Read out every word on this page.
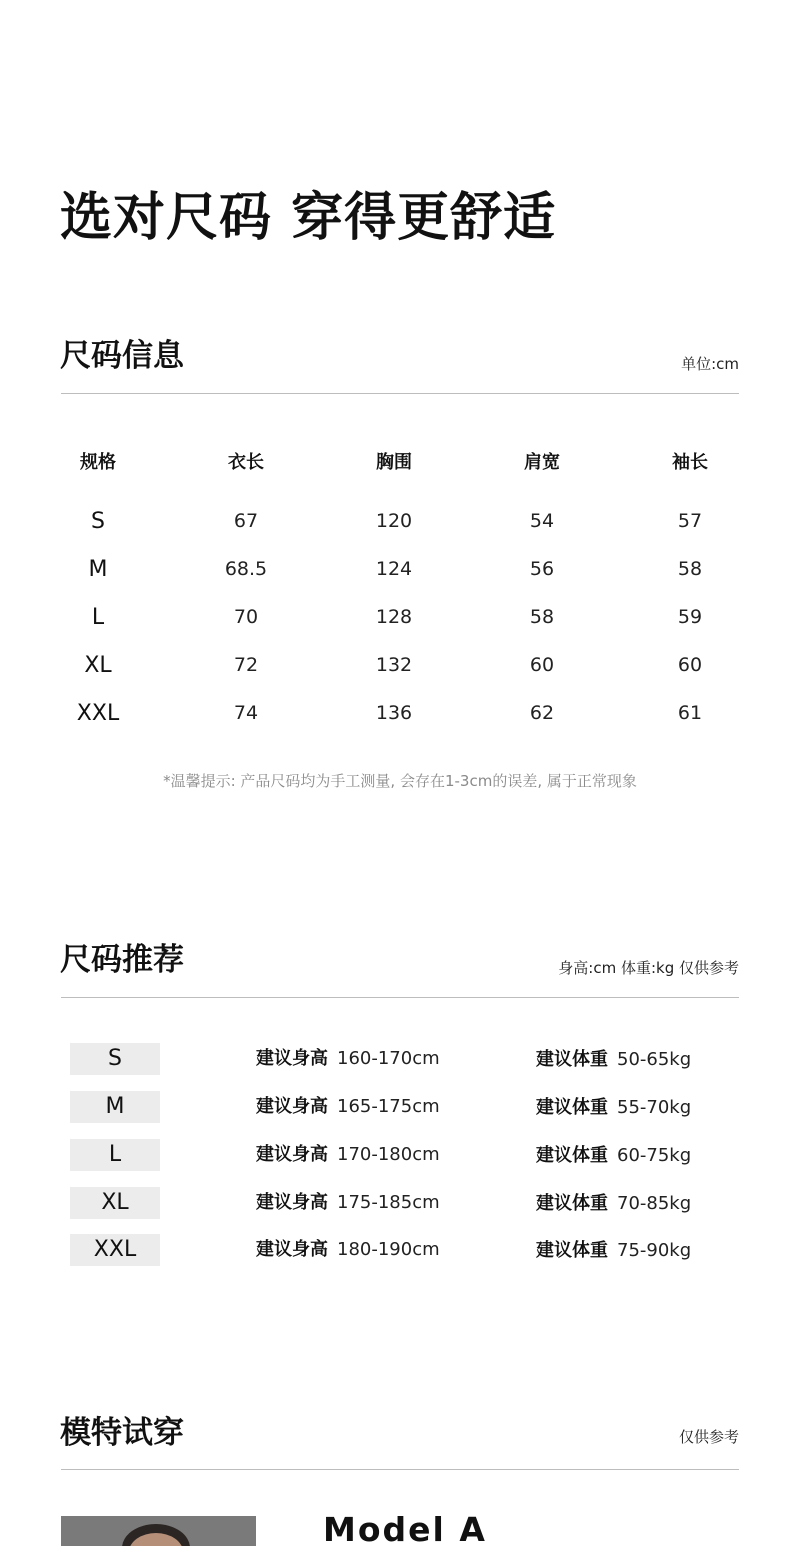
选对尺码 穿得更舒适
尺码信息	单位:cm
规格	衣长	胸围	肩宽	袖长
S	67	120	54	57
M	68.5	124	56	58
L	70	128	58	59
XL	72	132	60	60
XXL	74	136	62	61
*温馨提示: 产品尺码均为手工测量, 会存在1-3cm的误差, 属于正常现象
尺码推荐	身高:cm 体重:kg 仅供参考
S	建议身高 160-170cm	建议体重 50-65kg
M	建议身高 165-175cm	建议体重 55-70kg
L	建议身高 170-180cm	建议体重 60-75kg
XL	建议身高 175-185cm	建议体重 70-85kg
XXL	建议身高 180-190cm	建议体重 75-90kg
模特试穿	仅供参考
Model A
